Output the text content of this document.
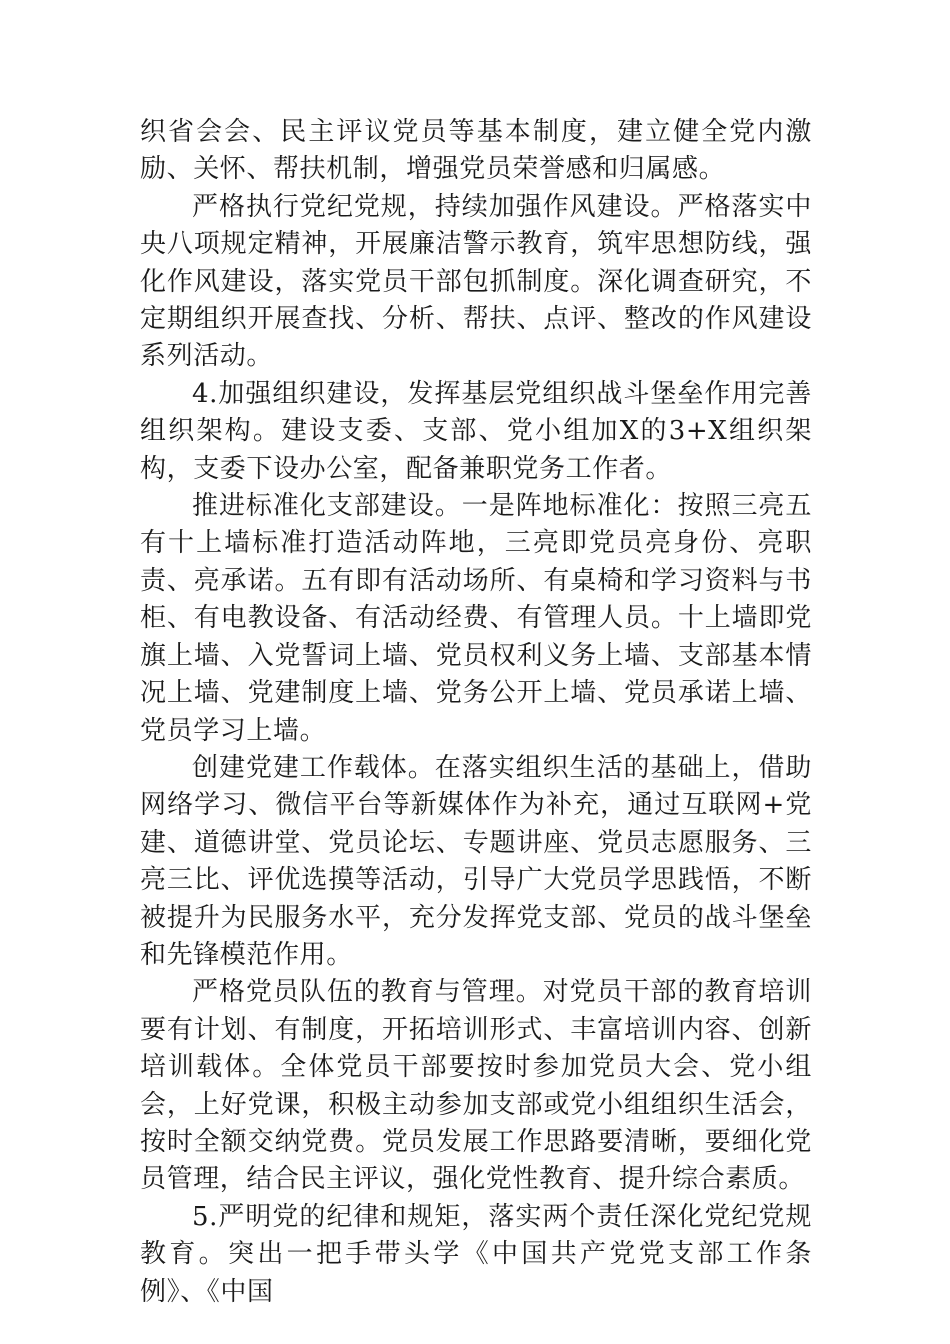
织省会会、民主评议党员等基本制度，建立健全党内激励、关怀、帮扶机制，增强党员荣誉感和归属感。

严格执行党纪党规，持续加强作风建设。严格落实中央八项规定精神，开展廉洁警示教育，筑牢思想防线，强化作风建设，落实党员干部包抓制度。深化调查研究，不定期组织开展查找、分析、帮扶、点评、整改的作风建设系列活动。

4.加强组织建设，发挥基层党组织战斗堡垒作用完善组织架构。建设支委、支部、党小组加X的3+X组织架构，支委下设办公室，配备兼职党务工作者。

推进标准化支部建设。一是阵地标准化：按照三亮五有十上墙标准打造活动阵地，三亮即党员亮身份、亮职责、亮承诺。五有即有活动场所、有桌椅和学习资料与书柜、有电教设备、有活动经费、有管理人员。十上墙即党旗上墙、入党誓词上墙、党员权利义务上墙、支部基本情况上墙、党建制度上墙、党务公开上墙、党员承诺上墙、党员学习上墙。

创建党建工作载体。在落实组织生活的基础上，借助网络学习、微信平台等新媒体作为补充，通过互联网+党建、道德讲堂、党员论坛、专题讲座、党员志愿服务、三亮三比、评优选摸等活动，引导广大党员学思践悟，不断被提升为民服务水平，充分发挥党支部、党员的战斗堡垒和先锋模范作用。

严格党员队伍的教育与管理。对党员干部的教育培训要有计划、有制度，开拓培训形式、丰富培训内容、创新培训载体。全体党员干部要按时参加党员大会、党小组会，上好党课，积极主动参加支部或党小组组织生活会，按时全额交纳党费。党员发展工作思路要清晰，要细化党员管理，结合民主评议，强化党性教育、提升综合素质。

5.严明党的纪律和规矩，落实两个责任深化党纪党规教育。突出一把手带头学《中国共产党党支部工作条例》、《中国
